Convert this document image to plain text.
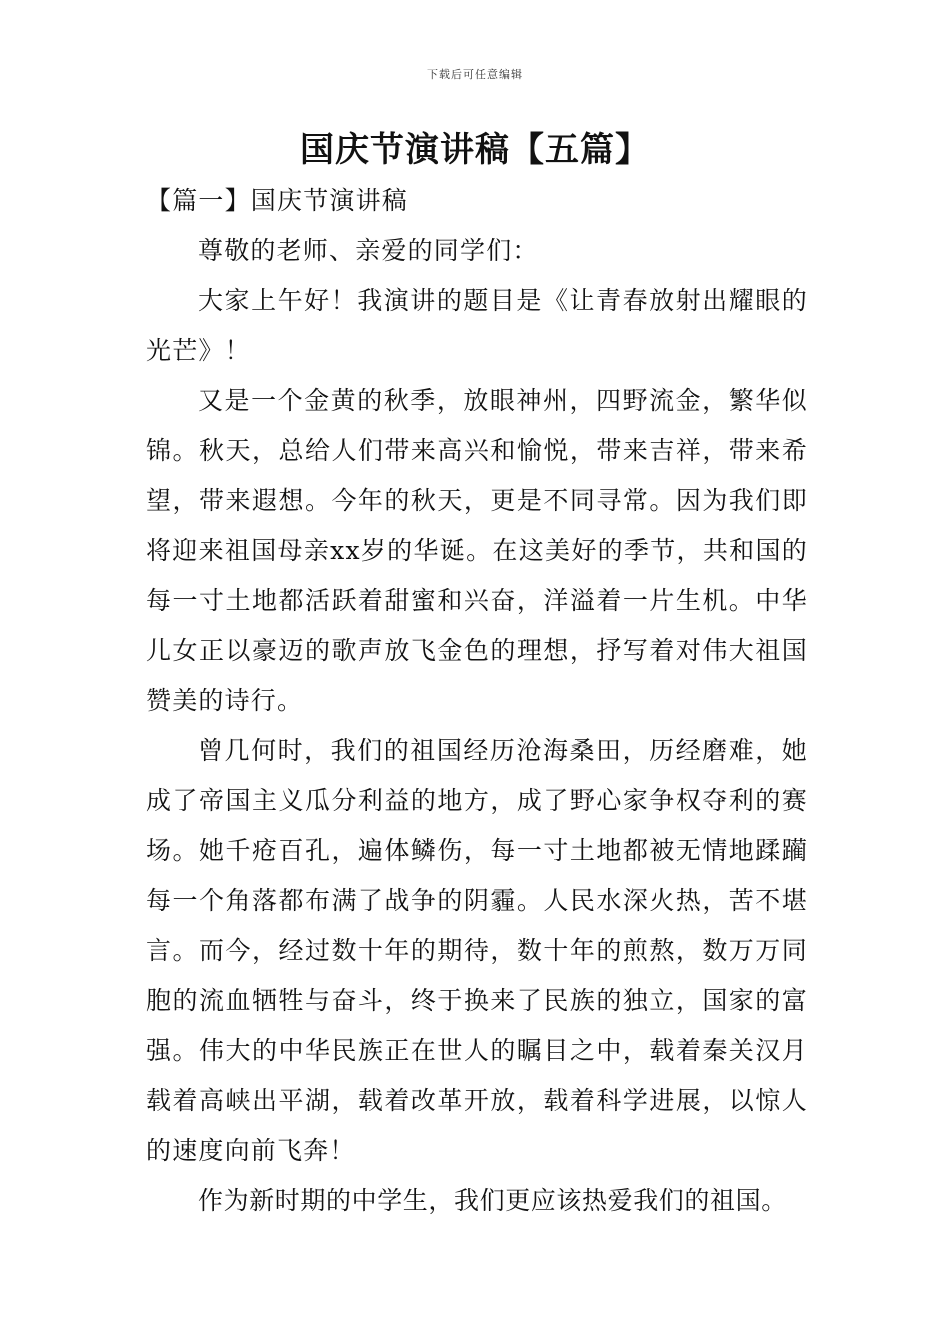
下载后可任意编辑
国庆节演讲稿【五篇】

【篇一】国庆节演讲稿

尊敬的老师、亲爱的同学们：

大家上午好！我演讲的题目是《让青春放射出耀眼的光芒》！

又是一个金黄的秋季，放眼神州，四野流金，繁华似锦。秋天，总给人们带来高兴和愉悦，带来吉祥，带来希望，带来遐想。今年的秋天，更是不同寻常。因为我们即将迎来祖国母亲xx岁的华诞。在这美好的季节，共和国的每一寸土地都活跃着甜蜜和兴奋，洋溢着一片生机。中华儿女正以豪迈的歌声放飞金色的理想，抒写着对伟大祖国赞美的诗行。

曾几何时，我们的祖国经历沧海桑田，历经磨难，她成了帝国主义瓜分利益的地方，成了野心家争权夺利的赛场。她千疮百孔，遍体鳞伤，每一寸土地都被无情地蹂躏每一个角落都布满了战争的阴霾。人民水深火热，苦不堪言。而今，经过数十年的期待，数十年的煎熬，数万万同胞的流血牺牲与奋斗，终于换来了民族的独立，国家的富强。伟大的中华民族正在世人的瞩目之中，载着秦关汉月载着高峡出平湖，载着改革开放，载着科学进展，以惊人的速度向前飞奔！

作为新时期的中学生，我们更应该热爱我们的祖国。
